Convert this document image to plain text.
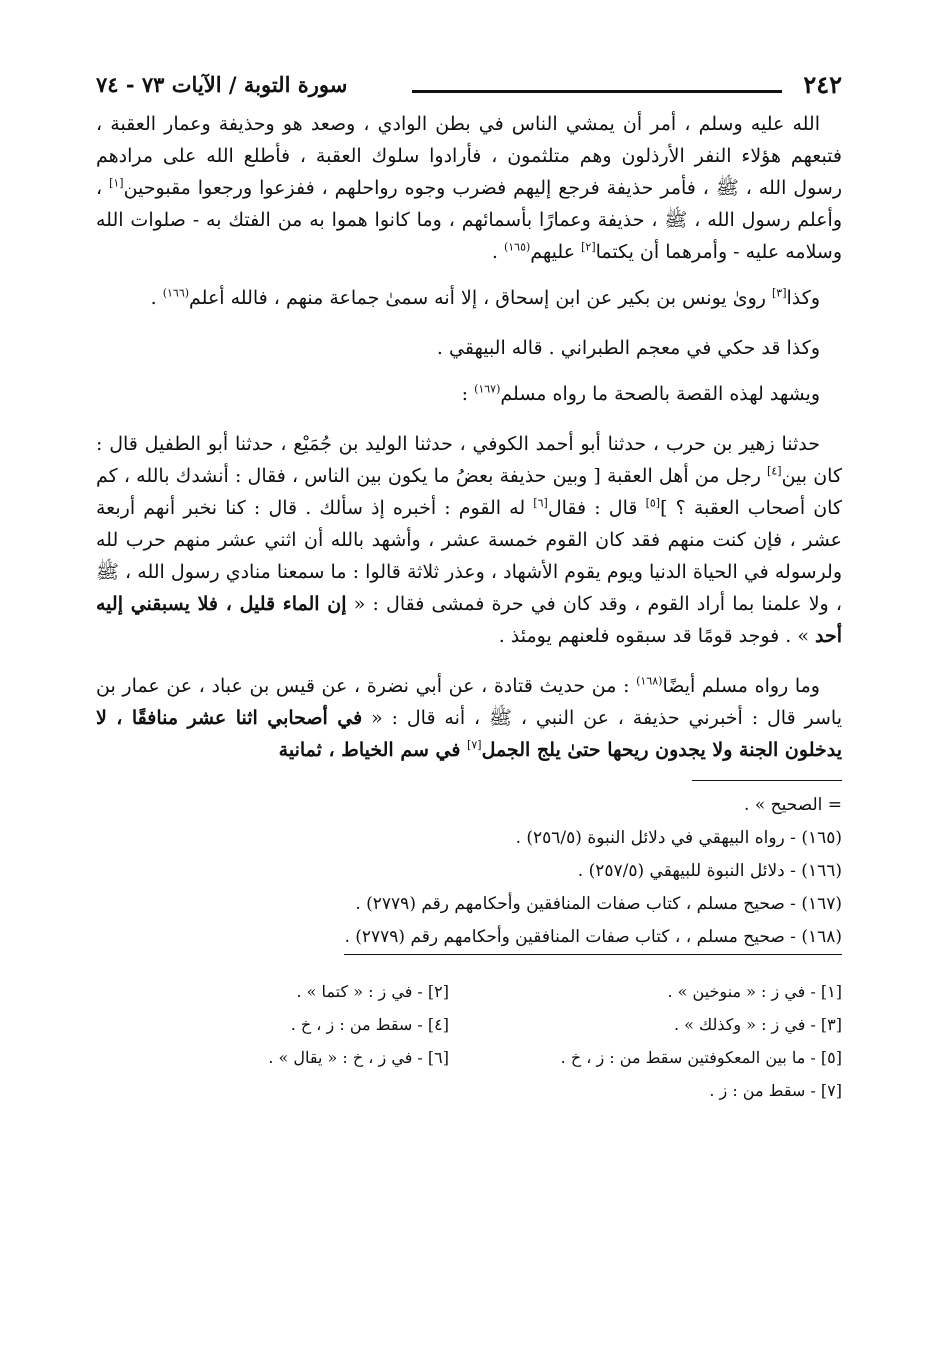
٢٤٢
سورة التوبة / الآيات ٧٣ - ٧٤

الله عليه وسلم ، أمر أن يمشي الناس في بطن الوادي ، وصعد هو وحذيفة وعمار العقبة ، فتبعهم هؤلاء النفر الأرذلون وهم متلثمون ، فأرادوا سلوك العقبة ، فأطلع الله على مرادهم رسول الله ، ﷺ ، فأمر حذيفة فرجع إليهم فضرب وجوه رواحلهم ، ففزعوا ورجعوا مقبوحين[١] ، وأعلم رسول الله ، ﷺ ، حذيفة وعمارًا بأسمائهم ، وما كانوا هموا به من الفتك به - صلوات الله وسلامه عليه - وأمرهما أن يكتما[٢] عليهم$^{(١٦٥)}$ .

وكذا[٣] روىٰ يونس بن بكير عن ابن إسحاق ، إلا أنه سمىٰ جماعة منهم ، فالله أعلم$^{(١٦٦)}$ .

وكذا قد حكي في معجم الطبراني . قاله البيهقي .

ويشهد لهذه القصة بالصحة ما رواه مسلم$^{(١٦٧)}$ :

حدثنا زهير بن حرب ، حدثنا أبو أحمد الكوفي ، حدثنا الوليد بن جُمَيْع ، حدثنا أبو الطفيل قال : كان بين[٤] رجل من أهل العقبة [ وبين حذيفة بعضُ ما يكون بين الناس ، فقال : أنشدك بالله ، كم كان أصحاب العقبة ؟ ][٥] قال : فقال[٦] له القوم : أخبره إذ سألك . قال : كنا نخبر أنهم أربعة عشر ، فإن كنت منهم فقد كان القوم خمسة عشر ، وأشهد بالله أن اثني عشر منهم حرب لله ولرسوله في الحياة الدنيا ويوم يقوم الأشهاد ، وعذر ثلاثة قالوا : ما سمعنا منادي رسول الله ، ﷺ ، ولا علمنا بما أراد القوم ، وقد كان في حرة فمشى فقال : « إن الماء قليل ، فلا يسبقني إليه أحد » . فوجد قومًا قد سبقوه فلعنهم يومئذ .

وما رواه مسلم أيضًا$^{(١٦٨)}$ : من حديث قتادة ، عن أبي نضرة ، عن قيس بن عباد ، عن عمار بن ياسر قال : أخبرني حذيفة ، عن النبي ، ﷺ ، أنه قال : « في أصحابي اثنا عشر منافقًا ، لا يدخلون الجنة ولا يجدون ريحها حتىٰ يلج الجمل[٧] في سم الخياط ، ثمانية

= الصحيح » .
(١٦٥) - رواه البيهقي في دلائل النبوة (٢٥٦/٥) .
(١٦٦) - دلائل النبوة للبيهقي (٢٥٧/٥) .
(١٦٧) - صحيح مسلم ، كتاب صفات المنافقين وأحكامهم رقم (٢٧٧٩) .
(١٦٨) - صحيح مسلم ، ، كتاب صفات المنافقين وأحكامهم رقم (٢٧٧٩) .
[١] - في ز : « منوخين » .
[٢] - في ز : « كتما » .
[٣] - في ز : « وكذلك » .
[٤] - سقط من : ز ، خ .
[٥] - ما بين المعكوفتين سقط من : ز ، خ .
[٦] - في ز ، خ : « يقال » .
[٧] - سقط من : ز .
